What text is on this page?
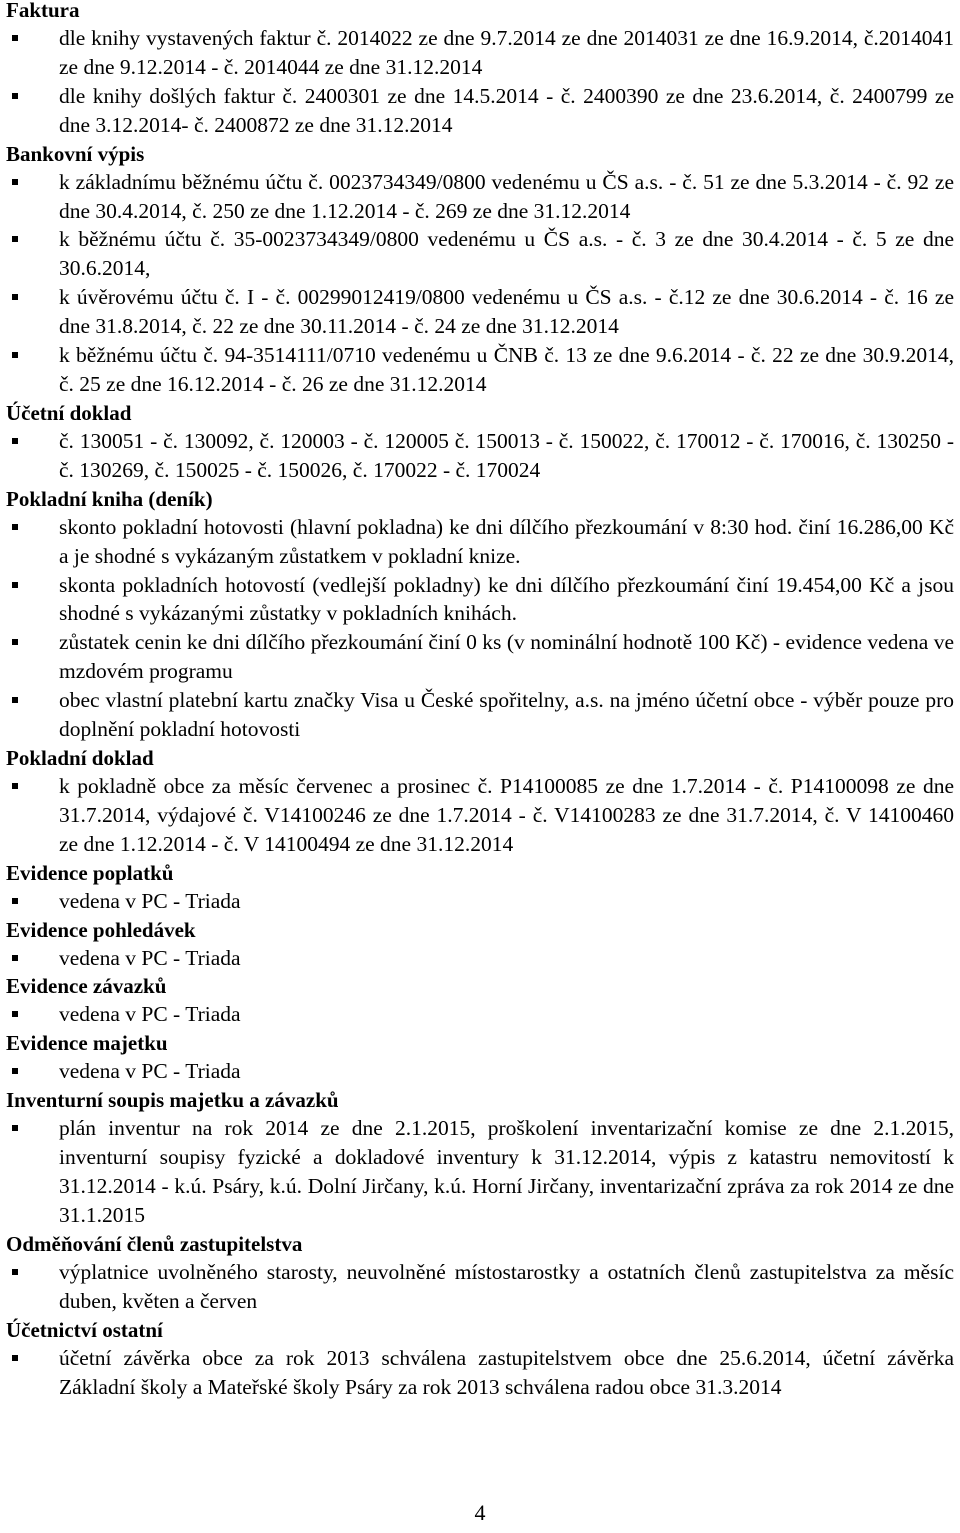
Faktura
dle knihy vystavených faktur č. 2014022 ze dne 9.7.2014 ze dne 2014031 ze dne 16.9.2014, č.2014041 ze dne 9.12.2014 - č. 2014044 ze dne 31.12.2014
dle knihy došlých faktur č. 2400301 ze dne 14.5.2014 - č. 2400390 ze dne 23.6.2014, č. 2400799 ze dne 3.12.2014- č. 2400872 ze dne 31.12.2014
Bankovní výpis
k základnímu běžnému účtu č. 0023734349/0800 vedenému u ČS a.s. - č. 51 ze dne 5.3.2014 - č. 92 ze dne 30.4.2014, č. 250 ze dne 1.12.2014 - č. 269 ze dne 31.12.2014
k běžnému účtu č. 35-0023734349/0800 vedenému u ČS a.s. - č. 3 ze dne 30.4.2014 - č. 5 ze dne 30.6.2014,
k úvěrovému účtu č. I - č. 00299012419/0800 vedenému u ČS a.s. - č.12 ze dne 30.6.2014 - č. 16 ze dne 31.8.2014, č. 22 ze dne 30.11.2014 - č. 24 ze dne 31.12.2014
k běžnému účtu č. 94-3514111/0710 vedenému u ČNB č. 13 ze dne 9.6.2014 - č. 22 ze dne 30.9.2014, č. 25 ze dne 16.12.2014 - č. 26 ze dne 31.12.2014
Účetní doklad
č. 130051 - č. 130092, č. 120003 - č. 120005 č. 150013 - č. 150022, č. 170012 - č. 170016, č. 130250 - č. 130269, č. 150025 - č. 150026, č. 170022 - č. 170024
Pokladní kniha (deník)
skonto pokladní hotovosti (hlavní pokladna) ke dni dílčího přezkoumání v 8:30 hod. činí 16.286,00 Kč a je shodné s vykázaným zůstatkem v pokladní knize.
skonta pokladních hotovostí (vedlejší pokladny) ke dni dílčího přezkoumání činí 19.454,00 Kč a jsou shodné s vykázanými zůstatky v pokladních knihách.
zůstatek cenin ke dni dílčího přezkoumání činí 0 ks (v nominální hodnotě 100 Kč) - evidence vedena ve mzdovém programu
obec vlastní platební kartu značky Visa u České spořitelny, a.s. na jméno účetní obce - výběr pouze pro doplnění pokladní hotovosti
Pokladní doklad
k pokladně obce za měsíc červenec a prosinec č. P14100085 ze dne 1.7.2014 - č. P14100098 ze dne 31.7.2014, výdajové č. V14100246 ze dne 1.7.2014 - č. V14100283 ze dne 31.7.2014, č. V 14100460 ze dne 1.12.2014 - č. V 14100494 ze dne 31.12.2014
Evidence poplatků
vedena v PC - Triada
Evidence pohledávek
vedena v PC - Triada
Evidence závazků
vedena v PC - Triada
Evidence majetku
vedena v PC - Triada
Inventurní soupis majetku a závazků
plán inventur na rok 2014 ze dne 2.1.2015, proškolení inventarizační komise ze dne 2.1.2015, inventurní soupisy fyzické a dokladové inventury k 31.12.2014, výpis z katastru nemovitostí k 31.12.2014 - k.ú. Psáry, k.ú. Dolní Jirčany, k.ú. Horní Jirčany, inventarizační zpráva za rok 2014 ze dne 31.1.2015
Odměňování členů zastupitelstva
výplatnice uvolněného starosty, neuvolněné místostarostky a ostatních členů zastupitelstva za měsíc duben, květen a červen
Účetnictví ostatní
účetní závěrka obce za rok 2013 schválena zastupitelstvem obce dne 25.6.2014, účetní závěrka Základní školy a Mateřské školy Psáry za rok 2013 schválena radou obce 31.3.2014
4
